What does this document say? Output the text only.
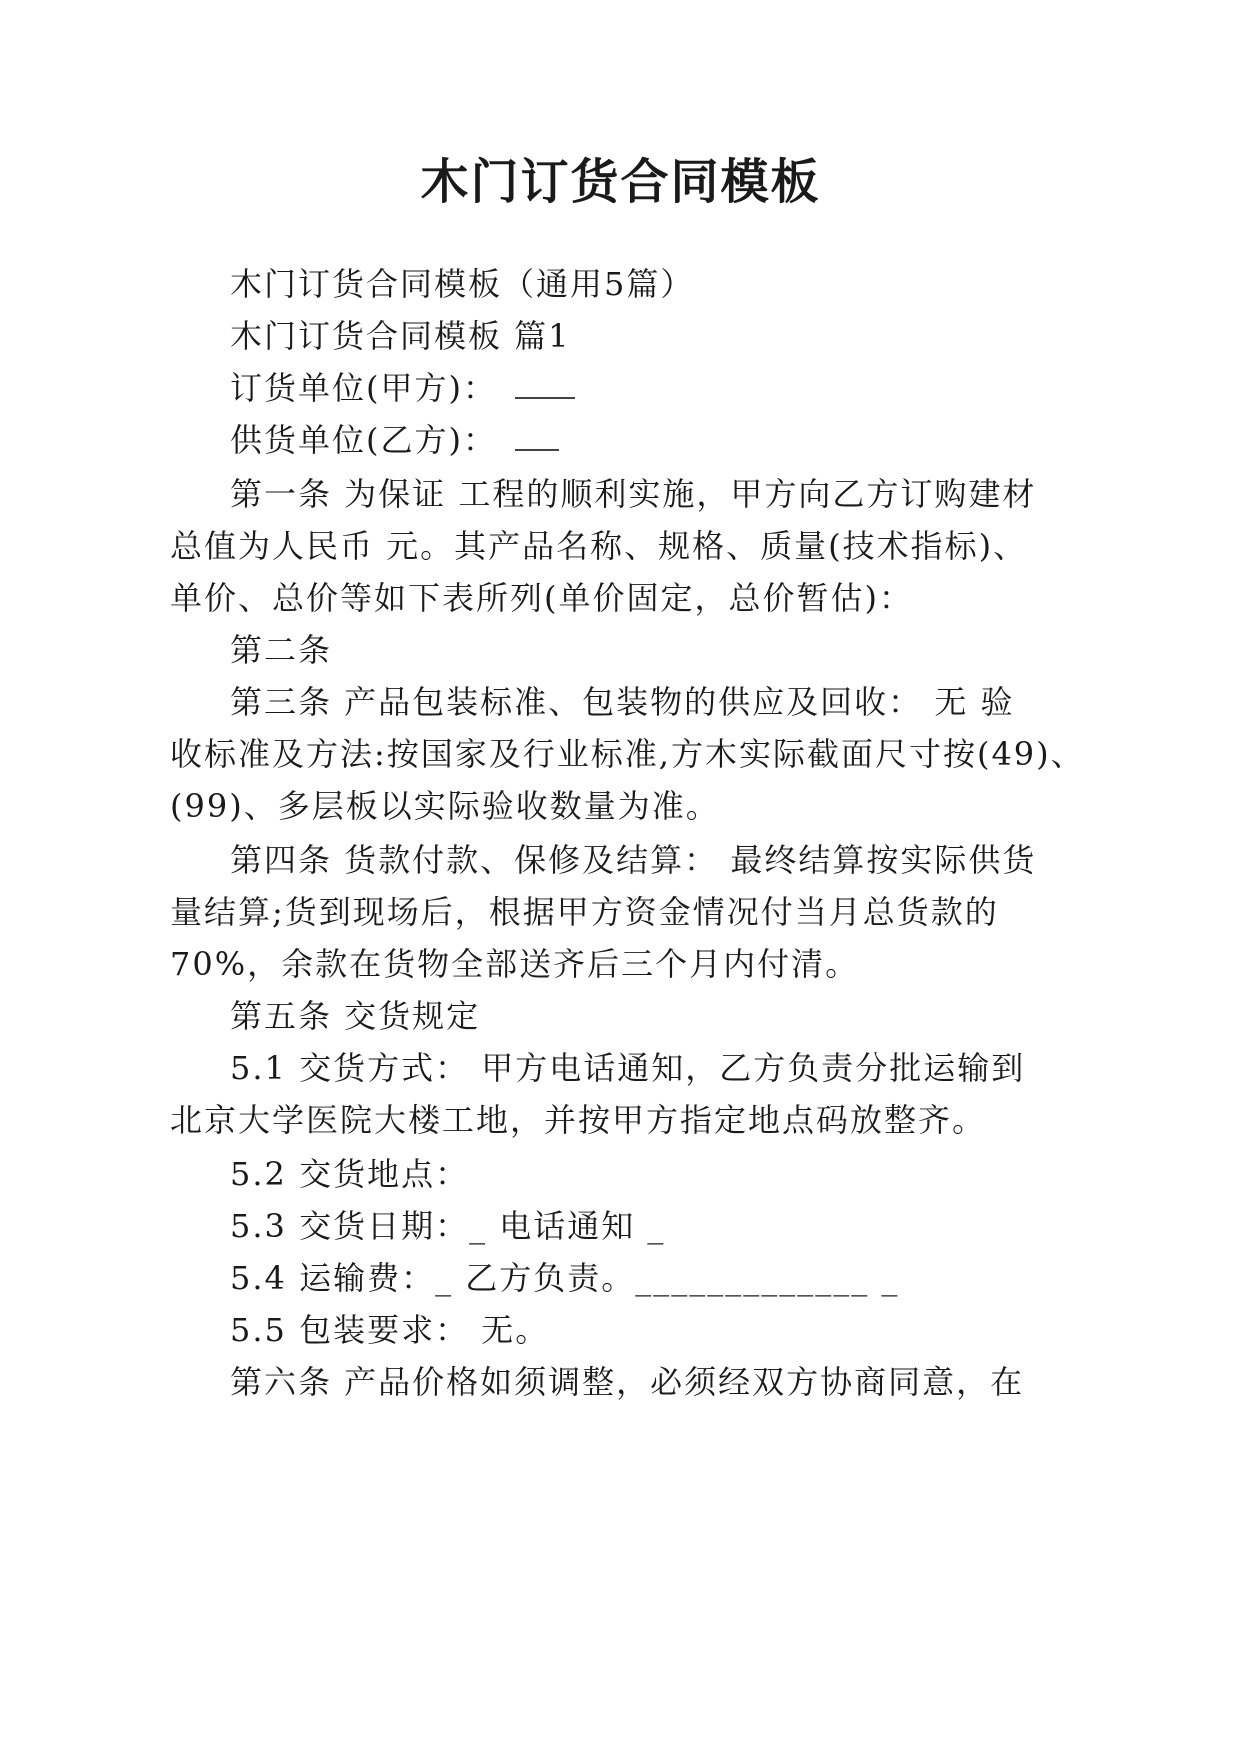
木门订货合同模板

木门订货合同模板（通用5篇）

木门订货合同模板 篇1

订货单位(甲方)：
供货单位(乙方)：

第一条 为保证 工程的顺利实施，甲方向乙方订购建材

总值为人民币 元。其产品名称、规格、质量(技术指标)、

单价、总价等如下表所列(单价固定，总价暂估)：

第二条

第三条 产品包装标准、包装物的供应及回收： 无 验

收标准及方法:按国家及行业标准,方木实际截面尺寸按(49)、

(99)、多层板以实际验收数量为准。

第四条 货款付款、保修及结算： 最终结算按实际供货

量结算;货到现场后，根据甲方资金情况付当月总货款的

70%，余款在货物全部送齐后三个月内付清。

第五条 交货规定

5.1 交货方式： 甲方电话通知，乙方负责分批运输到

北京大学医院大楼工地，并按甲方指定地点码放整齐。

5.2 交货地点：

5.3 交货日期：_ 电话通知 _

5.4 运输费：_ 乙方负责。_____________ _

5.5 包装要求： 无。

第六条 产品价格如须调整，必须经双方协商同意，在
